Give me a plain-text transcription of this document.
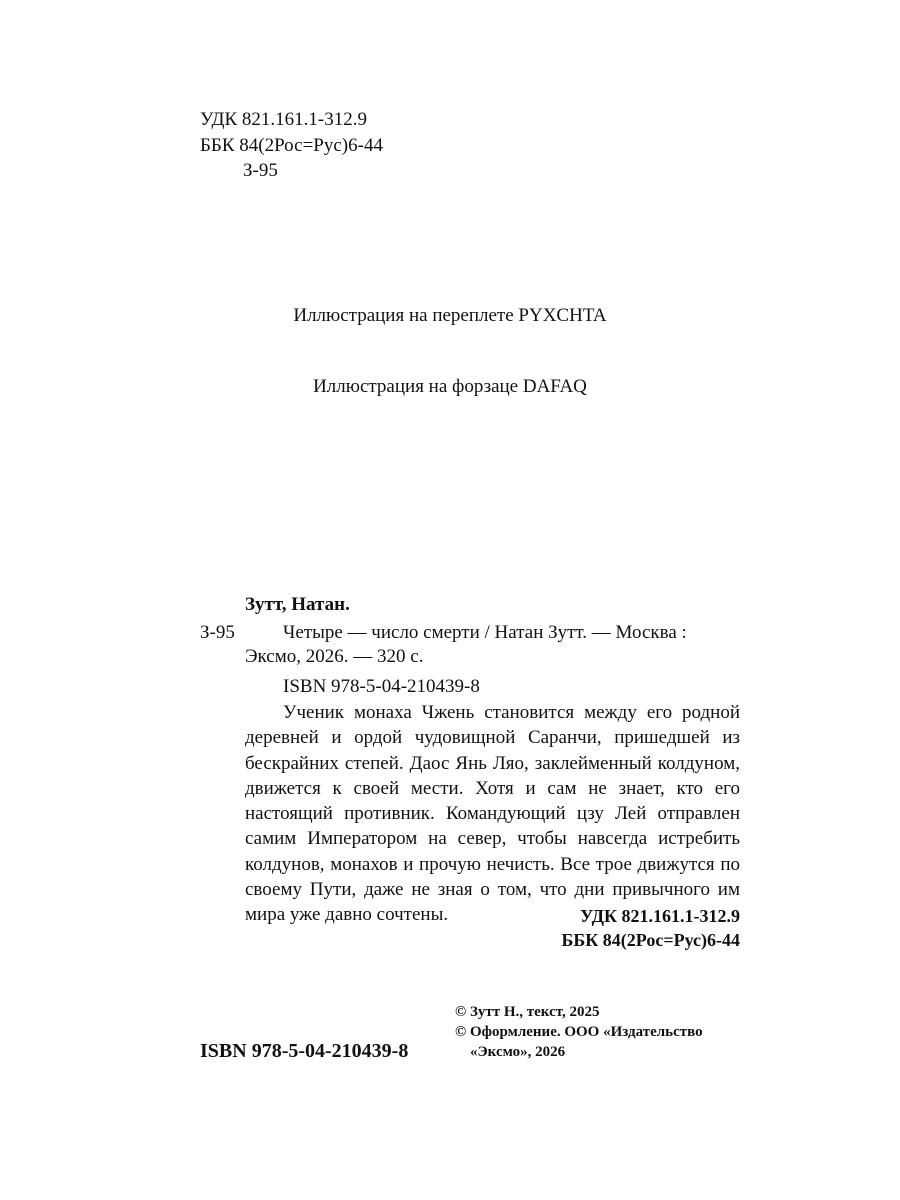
УДК 821.161.1-312.9
ББК 84(2Рос=Рус)6-44
З-95
Иллюстрация на переплете PYXCHTA
Иллюстрация на форзаце DAFAQ
Зутт, Натан.
З-95	Четыре — число смерти / Натан Зутт. — Москва :
Эксмо, 2026. — 320 с.
ISBN 978-5-04-210439-8

Ученик монаха Чжень становится между его родной деревней и ордой чудовищной Саранчи, пришедшей из бескрайних степей. Даос Янь Ляо, заклейменный колдуном, движется к своей мести. Хотя и сам не знает, кто его настоящий противник. Командующий цзу Лей отправлен самим Императором на север, чтобы навсегда истребить колдунов, монахов и прочую нечисть. Все трое движутся по своему Пути, даже не зная о том, что дни привычного им мира уже давно сочтены.	УДК 821.161.1-312.9
ББК 84(2Рос=Рус)6-44
ISBN 978-5-04-210439-8
© Зутт Н., текст, 2025
© Оформление. ООО «Издательство
«Эксмо», 2026
